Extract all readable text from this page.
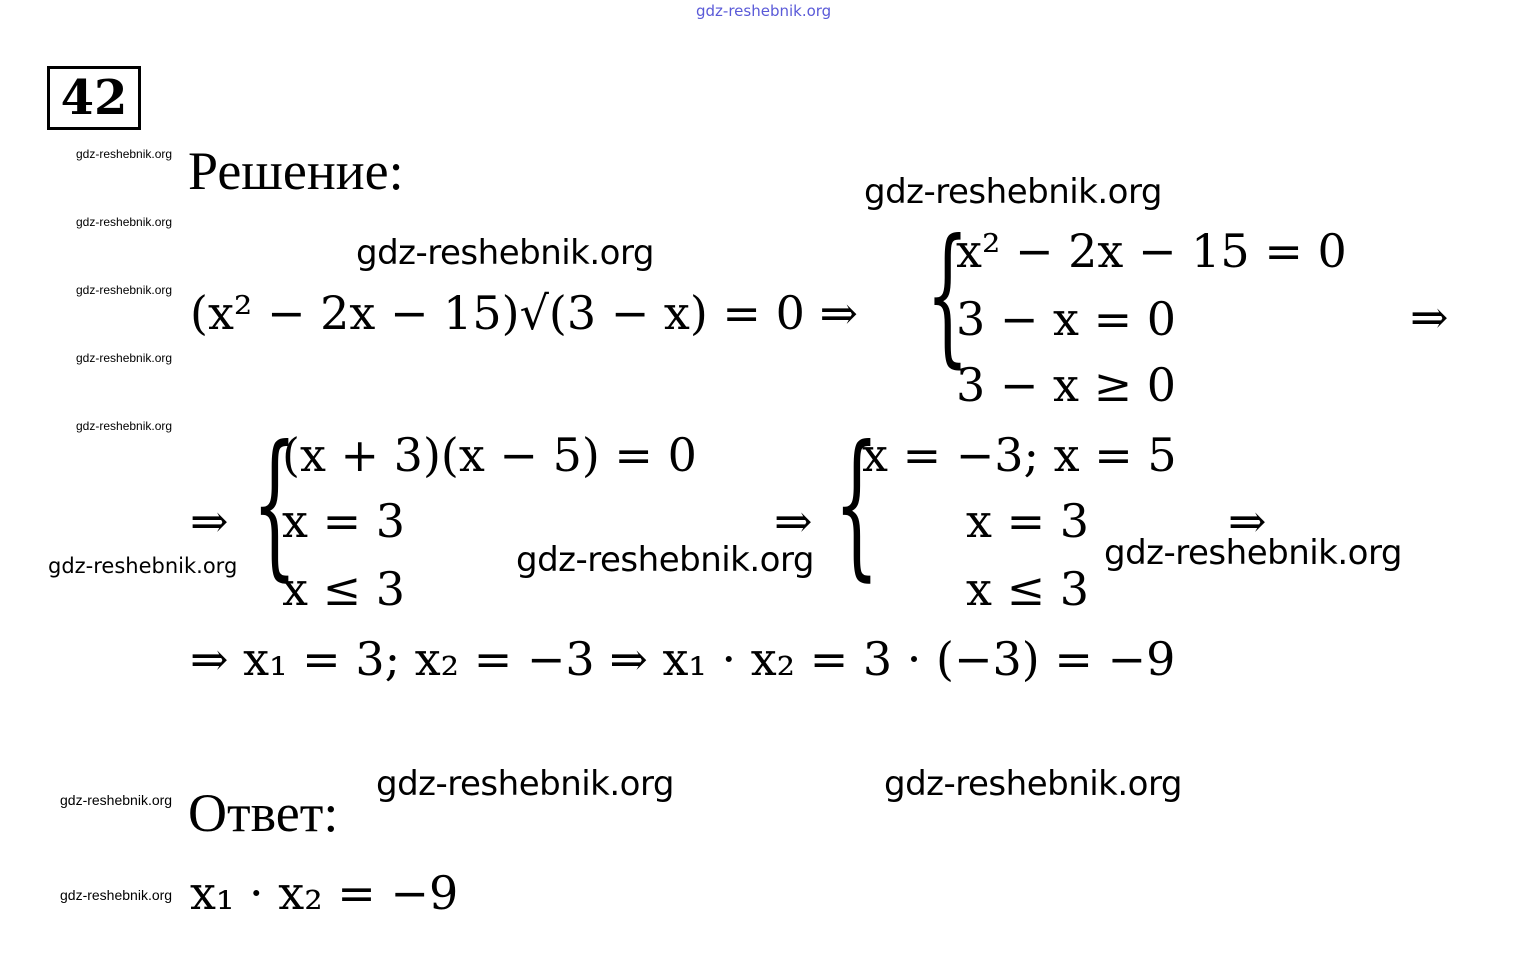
gdz-reshebnik.org
42
gdz-reshebnik.org
gdz-reshebnik.org
gdz-reshebnik.org
gdz-reshebnik.org
gdz-reshebnik.org
gdz-reshebnik.org
gdz-reshebnik.org
gdz-reshebnik.org
gdz-reshebnik.org
gdz-reshebnik.org
gdz-reshebnik.org	gdz-reshebnik.org
gdz-reshebnik.org	gdz-reshebnik.org
Решение:
Ответ:
(x² − 2x − 15)√(3 − x) = 0 ⇒ {
x² − 2x − 15 = 0
3 − x = 0
3 − x ≥ 0
⇒
⇒ {
(x + 3)(x − 5) = 0
x = 3
x ≤ 3
⇒ {
x = −3; x = 5
x = 3
x ≤ 3
⇒
⇒ x₁ = 3; x₂ = −3 ⇒ x₁ · x₂ = 3 · (−3) = −9
x₁ · x₂ = −9
